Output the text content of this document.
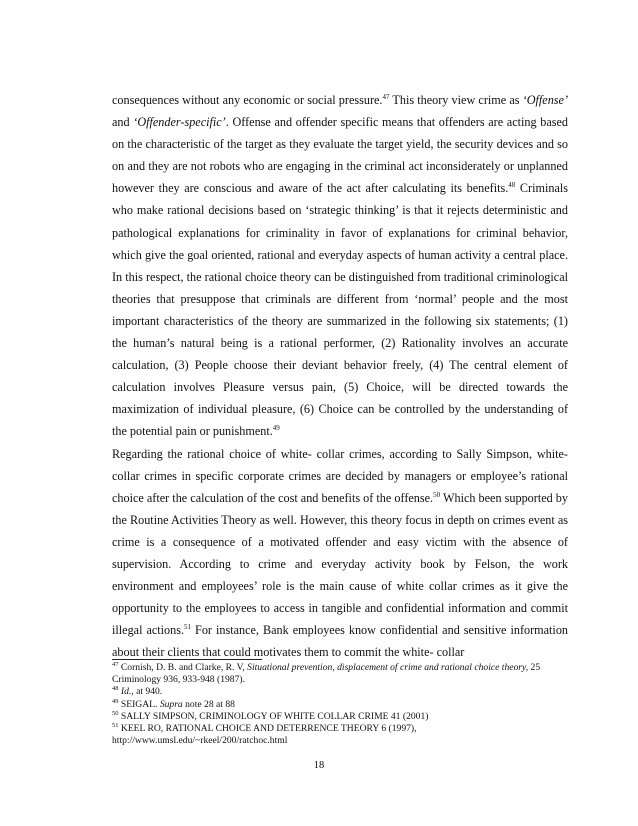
consequences without any economic or social pressure.$^{47}$ This theory view crime as ‘Offense’ and ‘Offender-specific’. Offense and offender specific means that offenders are acting based on the characteristic of the target as they evaluate the target yield, the security devices and so on and they are not robots who are engaging in the criminal act inconsiderately or unplanned however they are conscious and aware of the act after calculating its benefits.$^{48}$ Criminals who make rational decisions based on ‘strategic thinking’ is that it rejects deterministic and pathological explanations for criminality in favor of explanations for criminal behavior, which give the goal oriented, rational and everyday aspects of human activity a central place. In this respect, the rational choice theory can be distinguished from traditional criminological theories that presuppose that criminals are different from ‘normal’ people and the most important characteristics of the theory are summarized in the following six statements; (1) the human’s natural being is a rational performer, (2) Rationality involves an accurate calculation, (3) People choose their deviant behavior freely, (4) The central element of calculation involves Pleasure versus pain, (5) Choice, will be directed towards the maximization of individual pleasure, (6) Choice can be controlled by the understanding of the potential pain or punishment.$^{49}$

Regarding the rational choice of white- collar crimes, according to Sally Simpson, white-collar crimes in specific corporate crimes are decided by managers or employee’s rational choice after the calculation of the cost and benefits of the offense.$^{50}$ Which been supported by the Routine Activities Theory as well. However, this theory focus in depth on crimes event as crime is a consequence of a motivated offender and easy victim with the absence of supervision. According to crime and everyday activity book by Felson, the work environment and employees’ role is the main cause of white collar crimes as it give the opportunity to the employees to access in tangible and confidential information and commit illegal actions.$^{51}$ For instance, Bank employees know confidential and sensitive information about their clients that could motivates them to commit the white- collar

$^{47}$ Cornish, D. B. and Clarke, R. V, Situational prevention, displacement of crime and rational choice theory, 25 Criminology 936, 933-948 (1987).

$^{48}$ Id., at 940.

$^{49}$ SEIGAL. Supra note 28 at 88

$^{50}$ SALLY SIMPSON, CRIMINOLOGY OF WHITE COLLAR CRIME 41 (2001)

$^{51}$ KEEL RO, RATIONAL CHOICE AND DETERRENCE THEORY 6 (1997),
http://www.umsl.edu/~rkeel/200/ratchoc.html

18
